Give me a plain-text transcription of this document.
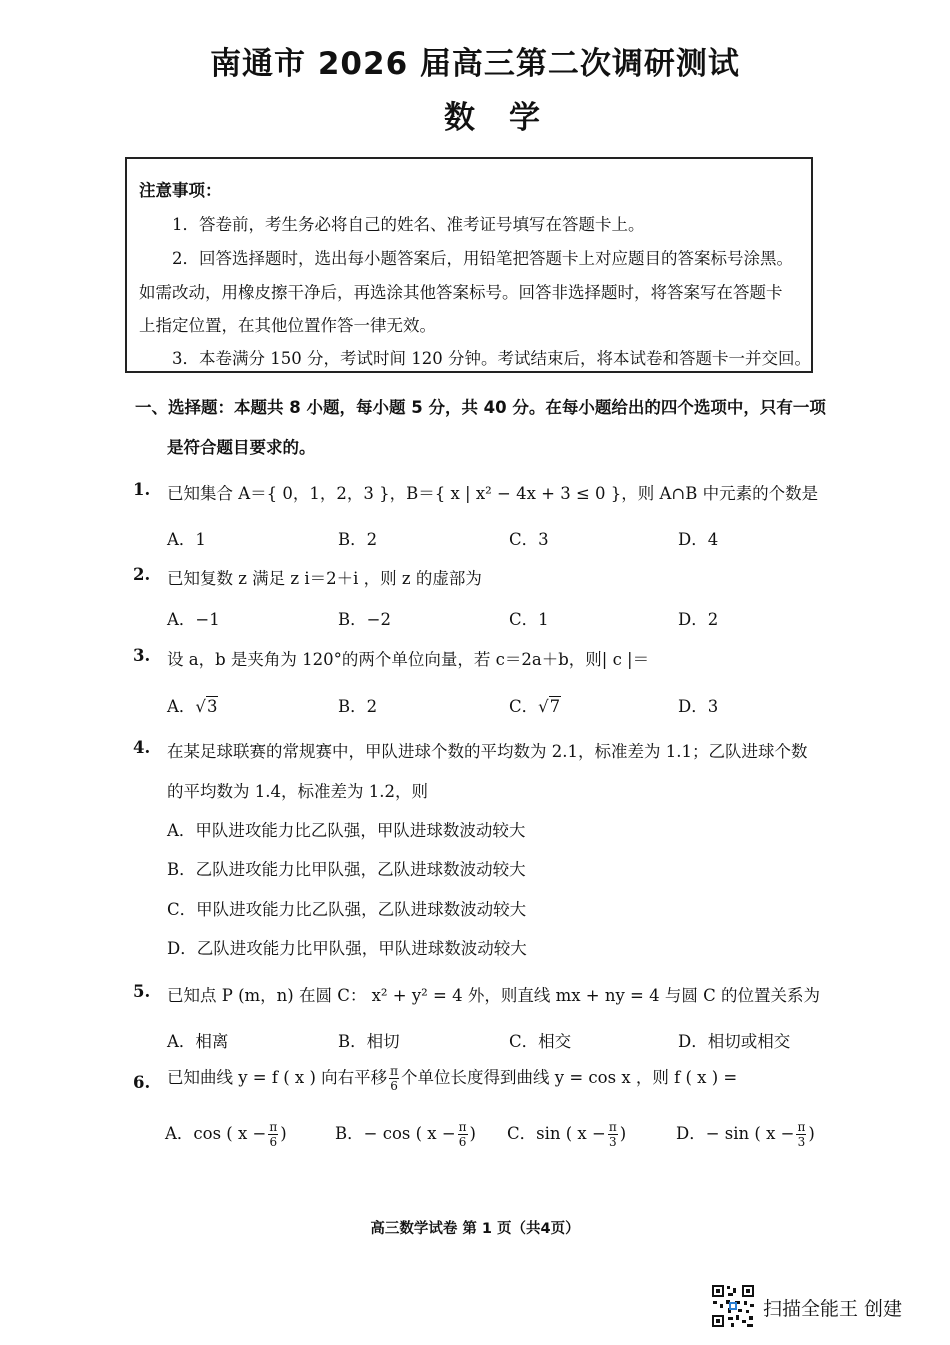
南通市 2026 届高三第二次调研测试
数学
注意事项：
1．答卷前，考生务必将自己的姓名、准考证号填写在答题卡上。
2．回答选择题时，选出每小题答案后，用铅笔把答题卡上对应题目的答案标号涂黑。
如需改动，用橡皮擦干净后，再选涂其他答案标号。回答非选择题时，将答案写在答题卡
上指定位置，在其他位置作答一律无效。
3．本卷满分 150 分，考试时间 120 分钟。考试结束后，将本试卷和答题卡一并交回。
一、选择题：本题共 8 小题，每小题 5 分，共 40 分。在每小题给出的四个选项中，只有一项
是符合题目要求的。
1. 已知集合 A＝{ 0，1，2，3 }，B＝{ x | x² − 4x + 3 ≤ 0 }，则 A∩B 中元素的个数是
A．1	B．2	C．3	D．4
2. 已知复数 z 满足 z i＝2＋i ，则 z 的虚部为
A．−1	B．−2	C．1	D．2
3. 设 a，b 是夹角为 120°的两个单位向量，若 c＝2a＋b，则| c |＝
A．√3	B．2	C．√7	D．3
4. 在某足球联赛的常规赛中，甲队进球个数的平均数为 2.1，标准差为 1.1；乙队进球个数
的平均数为 1.4，标准差为 1.2，则
A．甲队进攻能力比乙队强，甲队进球数波动较大
B．乙队进攻能力比甲队强，乙队进球数波动较大
C．甲队进攻能力比乙队强，乙队进球数波动较大
D．乙队进攻能力比甲队强，甲队进球数波动较大
5. 已知点 P (m，n) 在圆 C： x² + y² = 4 外，则直线 mx + ny = 4 与圆 C 的位置关系为
A．相离	B．相切	C．相交	D．相切或相交
6. 已知曲线 y = f ( x ) 向右平移 $\frac{\pi}{6}$ 个单位长度得到曲线 y = cos x ，则 f ( x ) =
A．cos ( $x - \frac{\pi}{6}$ )	B．− cos ( $x - \frac{\pi}{6}$ ) C．sin ( $x - \frac{\pi}{3}$ )	D．− sin ( $x - \frac{\pi}{3}$ )
高三数学试卷 第 1 页（共4页）
扫描全能王 创建
